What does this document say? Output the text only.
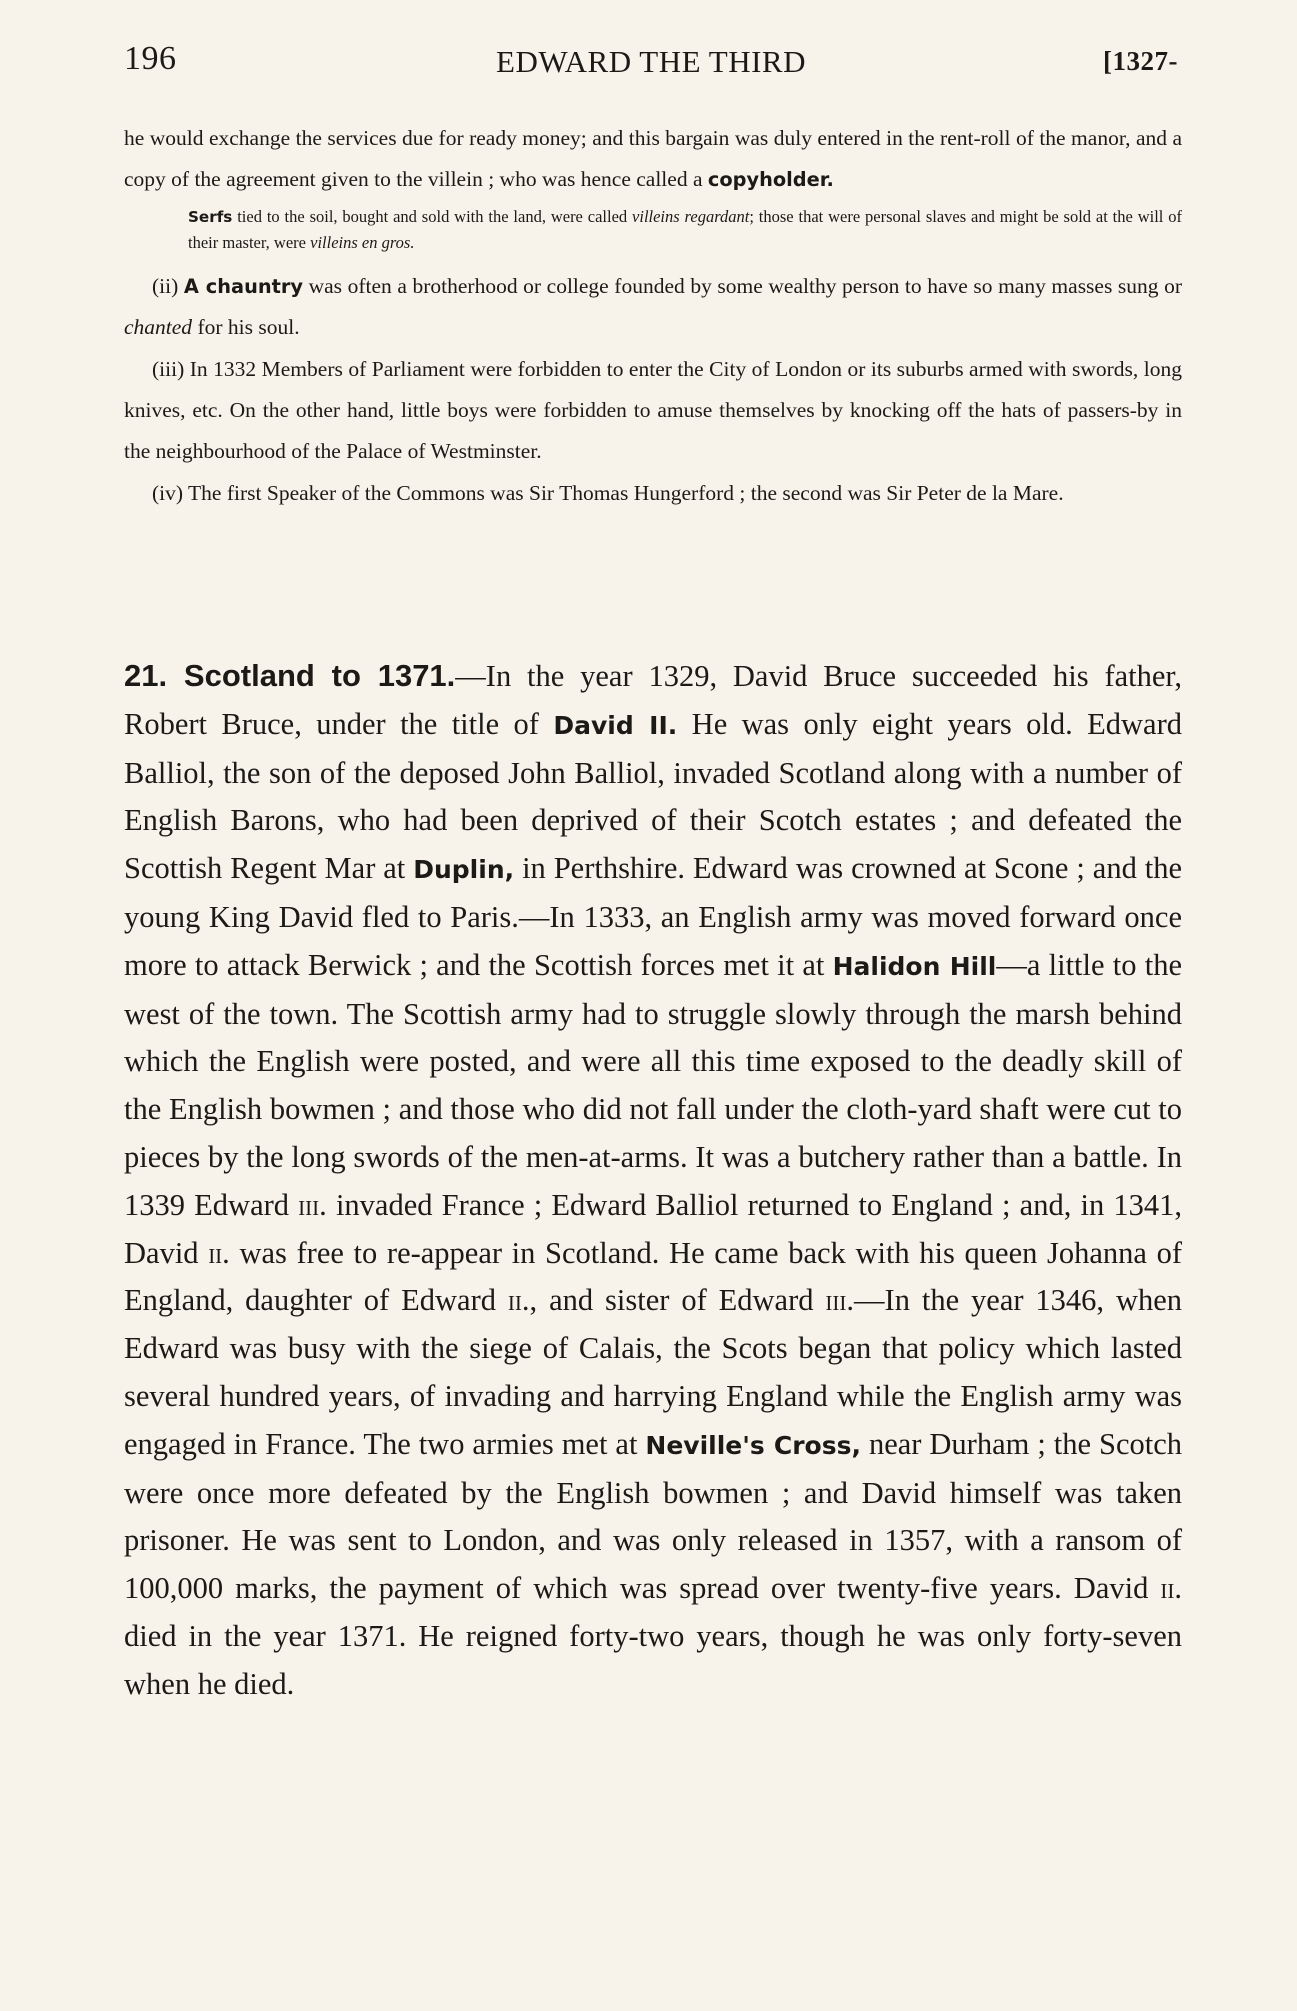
EDWARD THE THIRD
196	[1327-

he would exchange the services due for ready money; and this bargain was duly entered in the rent-roll of the manor, and a copy of the agreement given to the villein ; who was hence called a copyholder.

Serfs tied to the soil, bought and sold with the land, were called villeins regardant; those that were personal slaves and might be sold at the will of their master, were villeins en gros.

(ii) A chauntry was often a brotherhood or college founded by some wealthy person to have so many masses sung or chanted for his soul.

(iii) In 1332 Members of Parliament were forbidden to enter the City of London or its suburbs armed with swords, long knives, etc. On the other hand, little boys were forbidden to amuse themselves by knocking off the hats of passers-by in the neighbourhood of the Palace of Westminster.

(iv) The first Speaker of the Commons was Sir Thomas Hungerford ; the second was Sir Peter de la Mare.

21. Scotland to 1371.—In the year 1329, David Bruce succeeded his father, Robert Bruce, under the title of David II. He was only eight years old. Edward Balliol, the son of the deposed John Balliol, invaded Scotland along with a number of English Barons, who had been deprived of their Scotch estates ; and defeated the Scottish Regent Mar at Duplin, in Perthshire. Edward was crowned at Scone ; and the young King David fled to Paris.—In 1333, an English army was moved forward once more to attack Berwick ; and the Scottish forces met it at Halidon Hill—a little to the west of the town. The Scottish army had to struggle slowly through the marsh behind which the English were posted, and were all this time exposed to the deadly skill of the English bowmen ; and those who did not fall under the cloth-yard shaft were cut to pieces by the long swords of the men-at-arms. It was a butchery rather than a battle. In 1339 Edward iii. invaded France ; Edward Balliol returned to England ; and, in 1341, David ii. was free to re-appear in Scotland. He came back with his queen Johanna of England, daughter of Edward ii., and sister of Edward iii.—In the year 1346, when Edward was busy with the siege of Calais, the Scots began that policy which lasted several hundred years, of invading and harrying England while the English army was engaged in France. The two armies met at Neville's Cross, near Durham ; the Scotch were once more defeated by the English bowmen ; and David himself was taken prisoner. He was sent to London, and was only released in 1357, with a ransom of 100,000 marks, the payment of which was spread over twenty-five years. David ii. died in the year 1371. He reigned forty-two years, though he was only forty-seven when he died.
